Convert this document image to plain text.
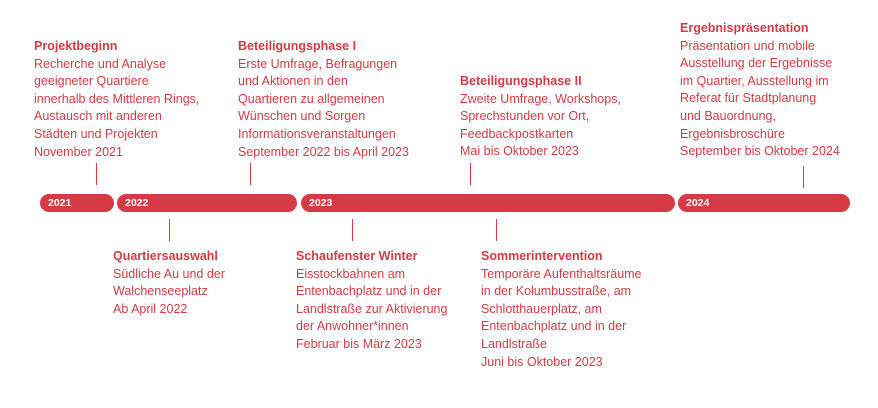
2021	2022	2023	2024
Projektbeginn
Recherche und Analyse
geeigneter Quartiere
innerhalb des Mittleren Rings,
Austausch mit anderen
Städten und Projekten
November 2021
Beteiligungsphase I
Erste Umfrage, Befragungen
und Aktionen in den
Quartieren zu allgemeinen
Wünschen und Sorgen
Informationsveranstaltungen
September 2022 bis April 2023
Beteiligungsphase II
Zweite Umfrage, Workshops,
Sprechstunden vor Ort,
Feedbackpostkarten
Mai bis Oktober 2023
Ergebnispräsentation
Präsentation und mobile
Ausstellung der Ergebnisse
im Quartier, Ausstellung im
Referat für Stadtplanung
und Bauordnung,
Ergebnisbroschüre
September bis Oktober 2024
Quartiersauswahl
Südliche Au und der
Walchenseeplatz
Ab April 2022
Schaufenster Winter
Eisstockbahnen am
Entenbachplatz und in der
Landlstraße zur Aktivierung
der Anwohner*innen
Februar bis März 2023
Sommerintervention
Temporäre Aufenthaltsräume
in der Kolumbusstraße, am
Schlotthauerplatz, am
Entenbachplatz und in der
Landlstraße
Juni bis Oktober 2023
